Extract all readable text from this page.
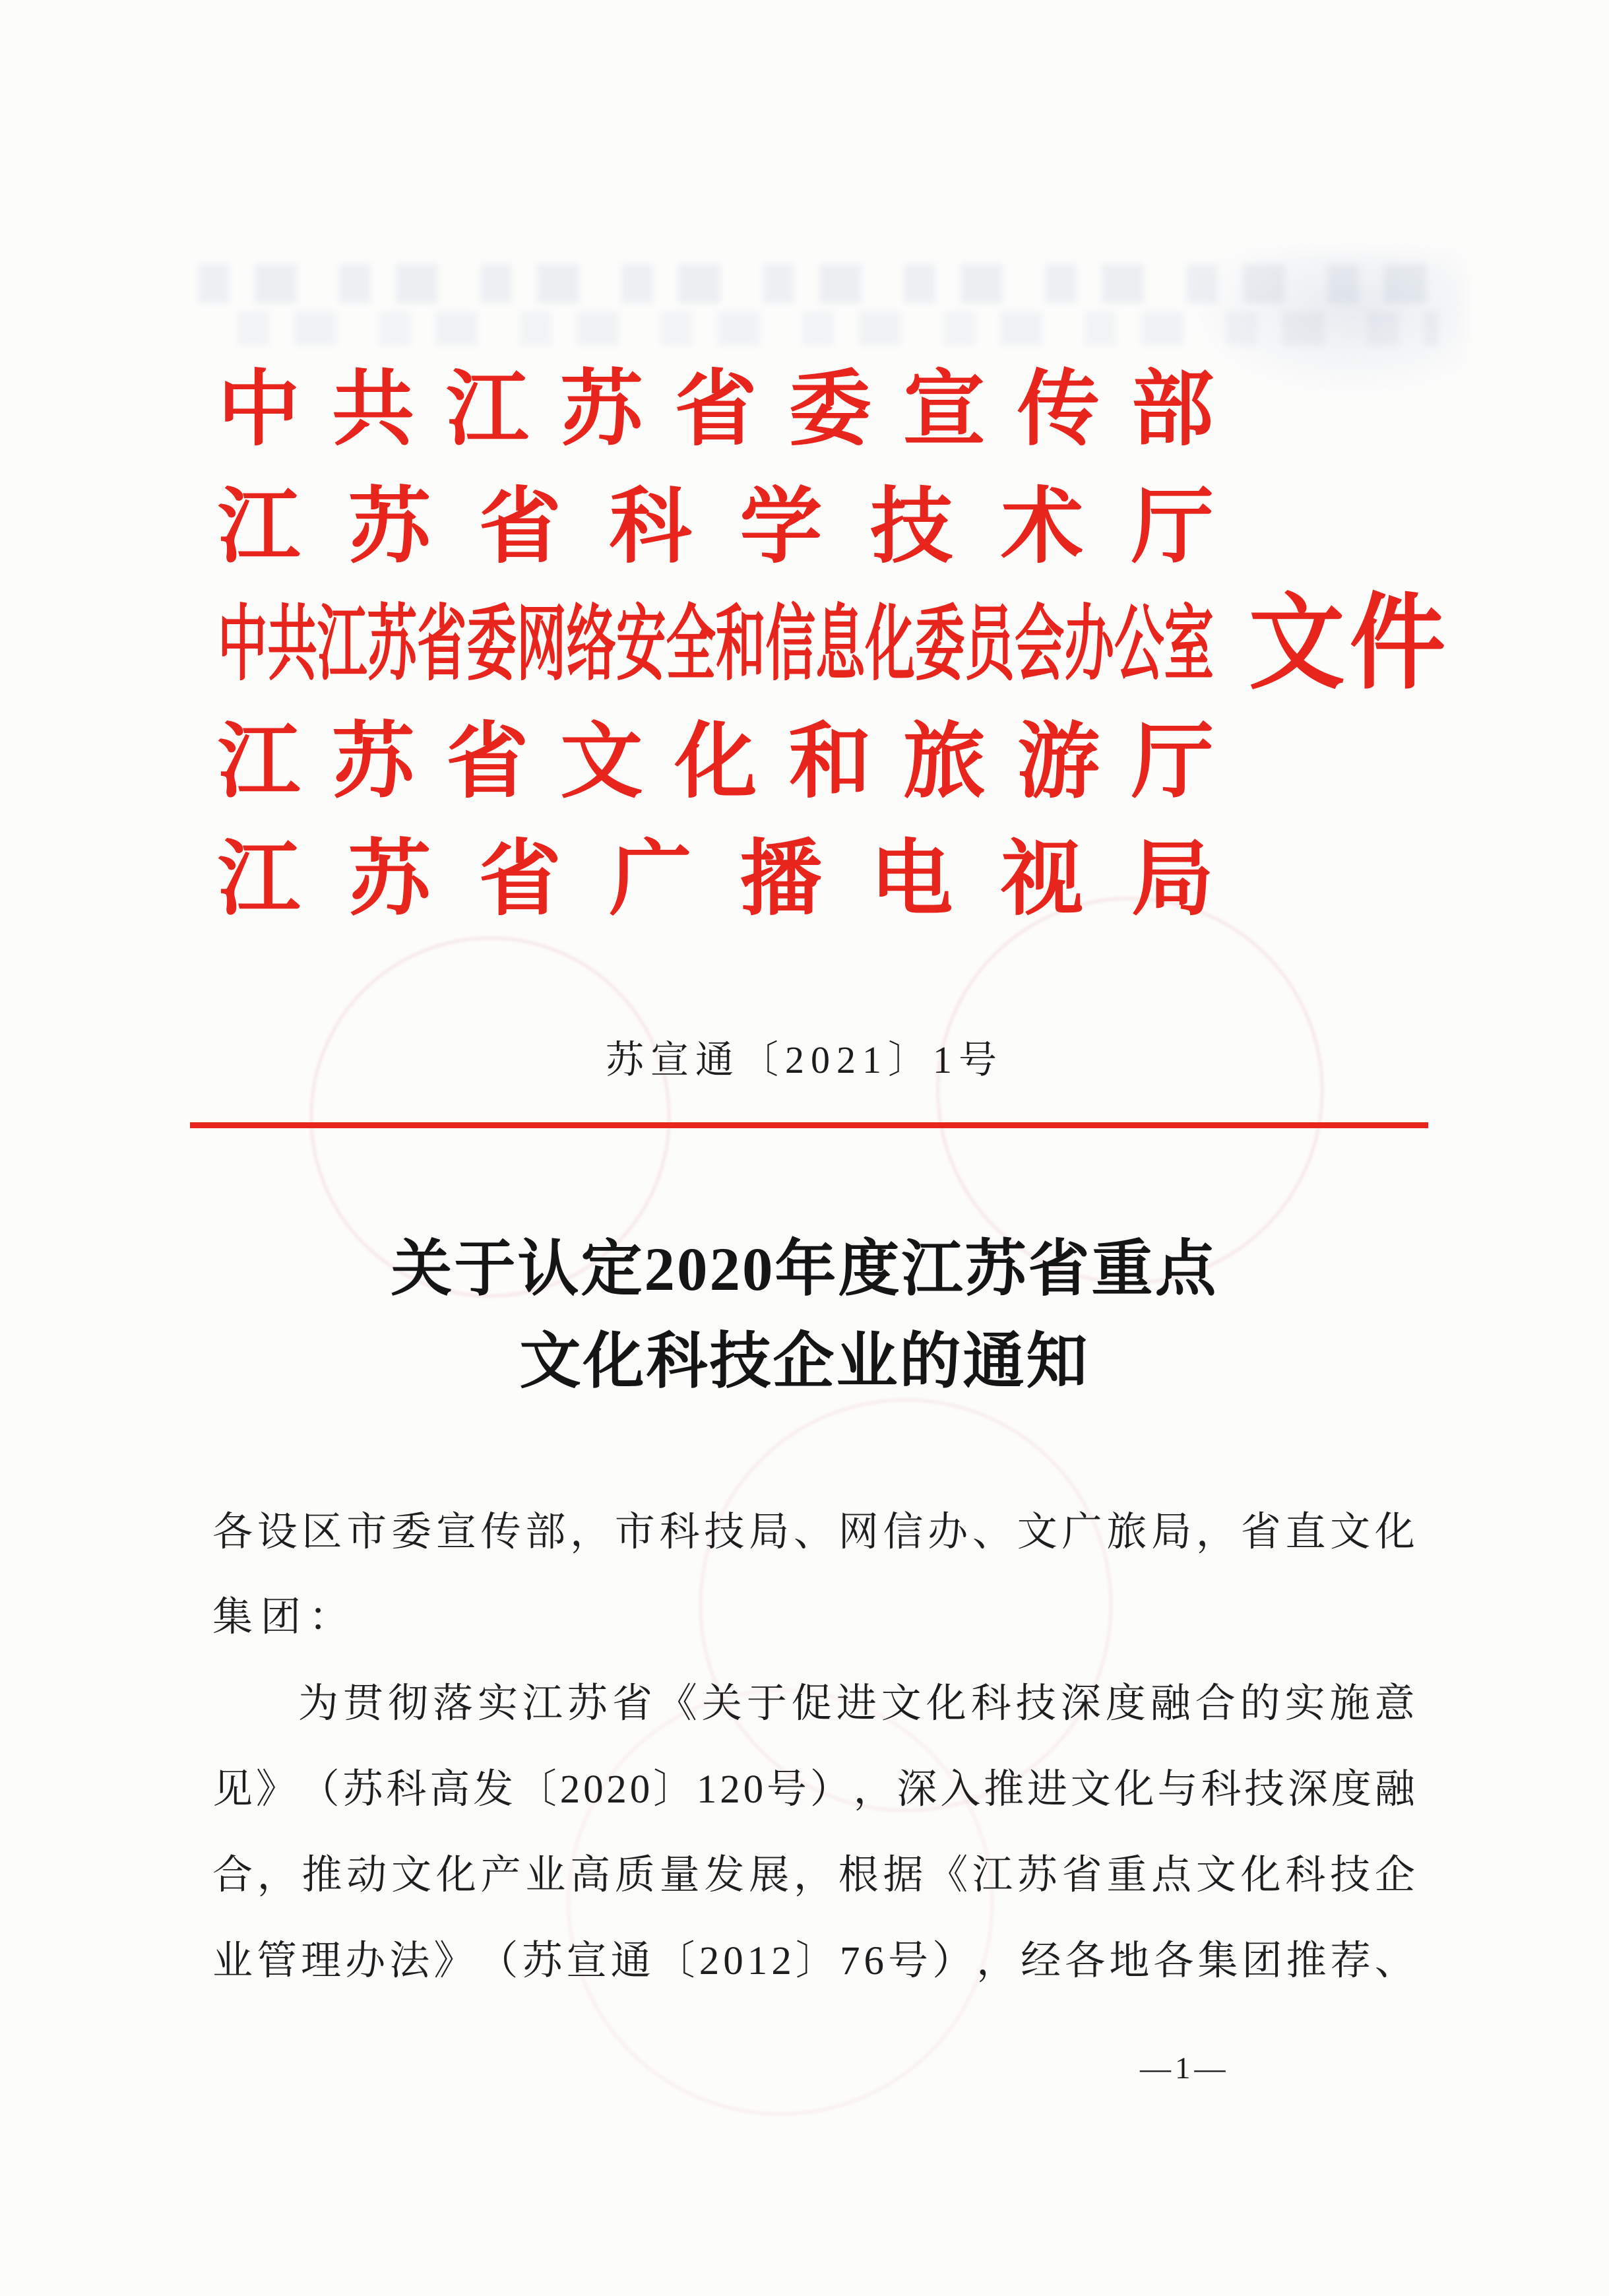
中 共 江 苏 省 委 宣 传 部
江 苏 省 科 学 技 术 厅
中 共 江 苏 省 委 网 络 安 全 和 信 息 化 委 员 会 办 公 室
江 苏 省 文 化 和 旅 游 厅
江 苏 省 广 播 电 视 局
文件
苏宣通〔2021〕1号
关于认定2020年度江苏省重点
文化科技企业的通知
各 设 区 市 委 宣 传 部 ， 市 科 技 局 、 网 信 办 、 文 广 旅 局 ， 省 直 文 化
集团：
为 贯 彻 落 实 江 苏 省 《 关 于 促 进 文 化 科 技 深 度 融 合 的 实 施 意
见 》 （ 苏 科 高 发 〔 2 0 2 0 〕 1 2 0 号 ） ， 深 入 推 进 文 化 与 科 技 深 度 融
合 ， 推 动 文 化 产 业 高 质 量 发 展 ， 根 据 《 江 苏 省 重 点 文 化 科 技 企
业 管 理 办 法 》 （ 苏 宣 通 〔 2 0 1 2 〕 7 6 号 ） ， 经 各 地 各 集 团 推 荐 、
—1—
